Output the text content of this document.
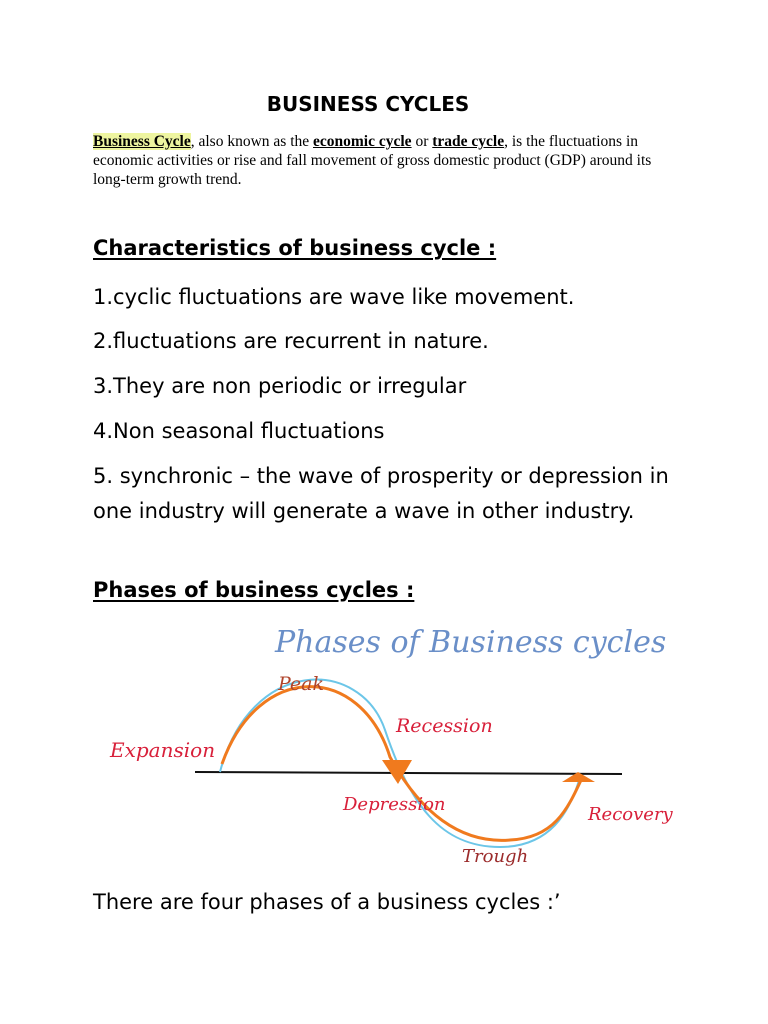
BUSINESS CYCLES

Business Cycle, also known as the economic cycle or trade cycle, is the fluctuations in economic activities or rise and fall movement of gross domestic product (GDP) around its long-term growth trend.

Characteristics of business cycle :

1.cyclic fluctuations are wave like movement.

2.fluctuations are recurrent in nature.

3.They are non periodic or irregular

4.Non seasonal fluctuations

5. synchronic – the wave of prosperity or depression in one industry will generate a wave in other industry.

Phases of business cycles :
Phases of Business cycles
Peak
Recession
Expansion
Depression
Trough
Recovery

There are four phases of a business cycles :’
